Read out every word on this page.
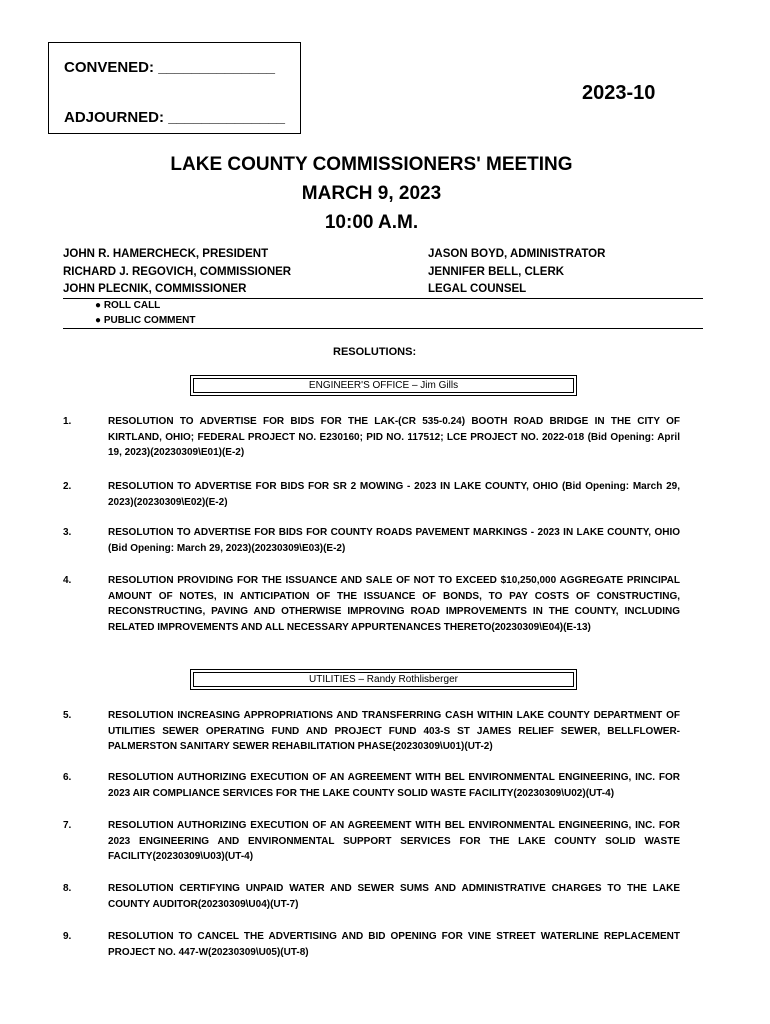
CONVENED: ______________
ADJOURNED: ______________
2023-10
LAKE COUNTY COMMISSIONERS' MEETING
MARCH 9, 2023
10:00 A.M.
JOHN R. HAMERCHECK, PRESIDENT
RICHARD J. REGOVICH, COMMISSIONER
JOHN PLECNIK, COMMISSIONER
JASON BOYD, ADMINISTRATOR
JENNIFER BELL, CLERK
LEGAL COUNSEL
● ROLL CALL
● PUBLIC COMMENT
RESOLUTIONS:
ENGINEER'S OFFICE – Jim Gills
1.	RESOLUTION TO ADVERTISE FOR BIDS FOR THE LAK-(CR 535-0.24) BOOTH ROAD BRIDGE IN THE CITY OF KIRTLAND, OHIO; FEDERAL PROJECT NO. E230160; PID NO. 117512; LCE PROJECT NO. 2022-018 (Bid Opening: April 19, 2023)(20230309\E01)(E-2)
2.	RESOLUTION TO ADVERTISE FOR BIDS FOR SR 2 MOWING - 2023 IN LAKE COUNTY, OHIO (Bid Opening: March 29, 2023)(20230309\E02)(E-2)
3.	RESOLUTION TO ADVERTISE FOR BIDS FOR COUNTY ROADS PAVEMENT MARKINGS - 2023 IN LAKE COUNTY, OHIO (Bid Opening: March 29, 2023)(20230309\E03)(E-2)
4.	RESOLUTION PROVIDING FOR THE ISSUANCE AND SALE OF NOT TO EXCEED $10,250,000 AGGREGATE PRINCIPAL AMOUNT OF NOTES, IN ANTICIPATION OF THE ISSUANCE OF BONDS, TO PAY COSTS OF CONSTRUCTING, RECONSTRUCTING, PAVING AND OTHERWISE IMPROVING ROAD IMPROVEMENTS IN THE COUNTY, INCLUDING RELATED IMPROVEMENTS AND ALL NECESSARY APPURTENANCES THERETO(20230309\E04)(E-13)
UTILITIES – Randy Rothlisberger
5.	RESOLUTION INCREASING APPROPRIATIONS AND TRANSFERRING CASH WITHIN LAKE COUNTY DEPARTMENT OF UTILITIES SEWER OPERATING FUND AND PROJECT FUND 403-S ST JAMES RELIEF SEWER, BELLFLOWER-PALMERSTON SANITARY SEWER REHABILITATION PHASE(20230309\U01)(UT-2)
6.	RESOLUTION AUTHORIZING EXECUTION OF AN AGREEMENT WITH BEL ENVIRONMENTAL ENGINEERING, INC. FOR 2023 AIR COMPLIANCE SERVICES FOR THE LAKE COUNTY SOLID WASTE FACILITY(20230309\U02)(UT-4)
7.	RESOLUTION AUTHORIZING EXECUTION OF AN AGREEMENT WITH BEL ENVIRONMENTAL ENGINEERING, INC. FOR 2023 ENGINEERING AND ENVIRONMENTAL SUPPORT SERVICES FOR THE LAKE COUNTY SOLID WASTE FACILITY(20230309\U03)(UT-4)
8.	RESOLUTION CERTIFYING UNPAID WATER AND SEWER SUMS AND ADMINISTRATIVE CHARGES TO THE LAKE COUNTY AUDITOR(20230309\U04)(UT-7)
9.	RESOLUTION TO CANCEL THE ADVERTISING AND BID OPENING FOR VINE STREET WATERLINE REPLACEMENT PROJECT NO. 447-W(20230309\U05)(UT-8)
